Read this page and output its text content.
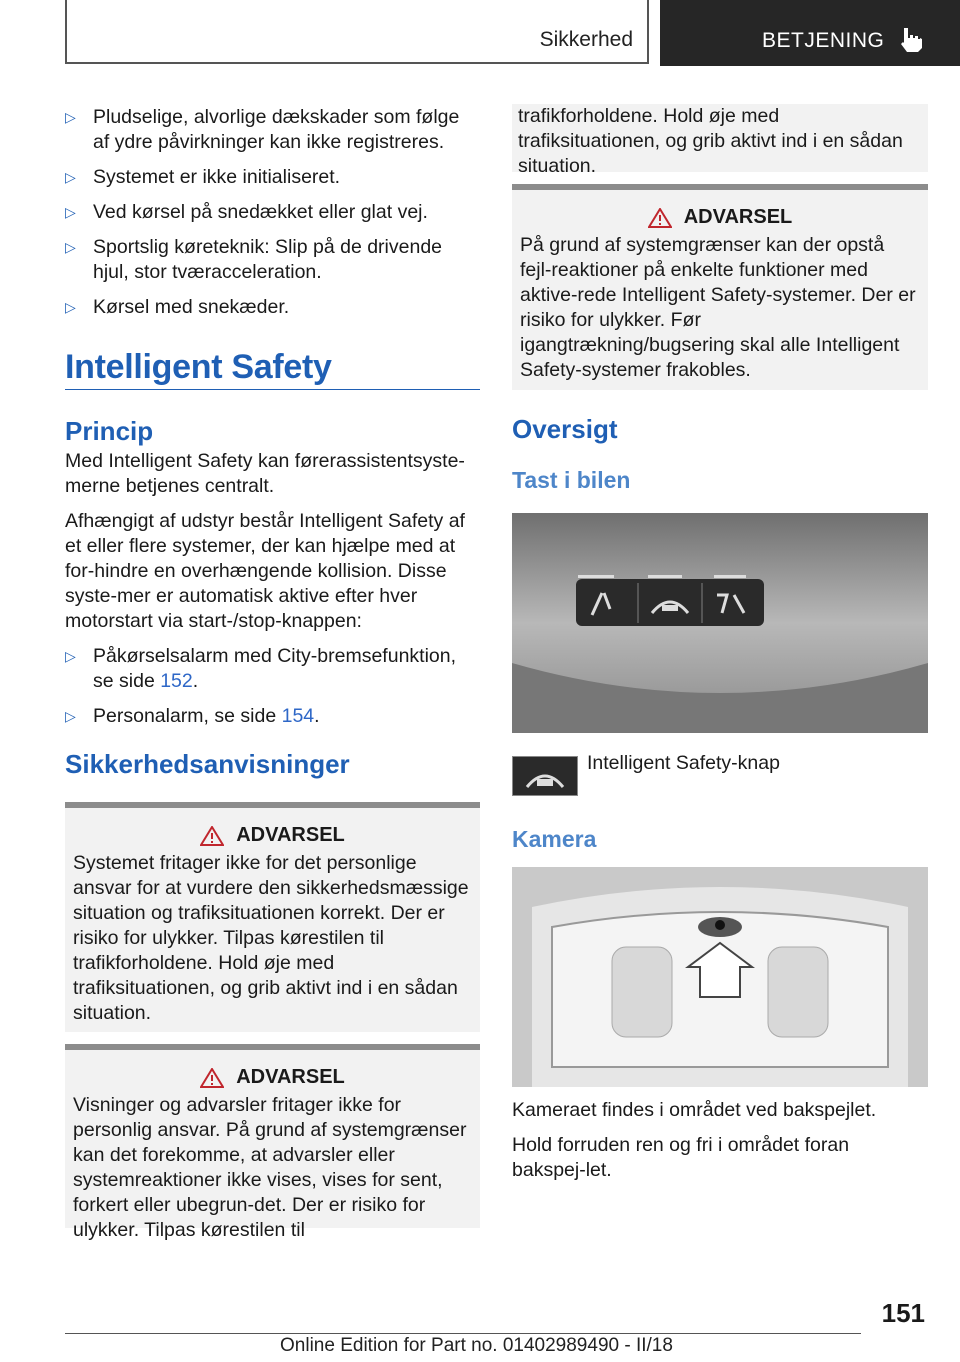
Sikkerhed	BETJENING
▷ Pludselige, alvorlige dækskader som følge af ydre påvirkninger kan ikke registreres.
▷ Systemet er ikke initialiseret.
▷ Ved kørsel på snedækket eller glat vej.
▷ Sportslig køreteknik: Slip på de drivende hjul, stor tværacceleration.
▷ Kørsel med snekæder.
Intelligent Safety
Princip

Med Intelligent Safety kan førerassistentsyste‐merne betjenes centralt.

Afhængigt af udstyr består Intelligent Safety af et eller flere systemer, der kan hjælpe med at for‐hindre en overhængende kollision. Disse syste‐mer er automatisk aktive efter hver motorstart via start-/stop-knappen:

▷ Påkørselsalarm med City-bremsefunktion, se side 152.
▷ Personalarm, se side 154.
Sikkerhedsanvisninger
ADVARSEL
Systemet fritager ikke for det personlige ansvar for at vurdere den sikkerhedsmæssige situation og trafiksituationen korrekt. Der er risiko for ulykker. Tilpas kørestilen til trafikforholdene. Hold øje med trafiksituationen, og grib aktivt ind i en sådan situation.
ADVARSEL
Visninger og advarsler fritager ikke for personlig ansvar. På grund af systemgrænser kan det forekomme, at advarsler eller systemreaktioner ikke vises, vises for sent, forkert eller ubegrun‐det. Der er risiko for ulykker. Tilpas kørestilen til
trafikforholdene. Hold øje med trafiksituationen, og grib aktivt ind i en sådan situation.
ADVARSEL
På grund af systemgrænser kan der opstå fejl‐reaktioner på enkelte funktioner med aktive‐rede Intelligent Safety-systemer. Der er risiko for ulykker. Før igangtrækning/bugsering skal alle Intelligent Safety-systemer frakobles.
Oversigt
Tast i bilen
Intelligent Safety-knap
Kamera

Kameraet findes i området ved bakspejlet.

Hold forruden ren og fri i området foran bakspej‐let.

151
Online Edition for Part no. 01402989490 - II/18
